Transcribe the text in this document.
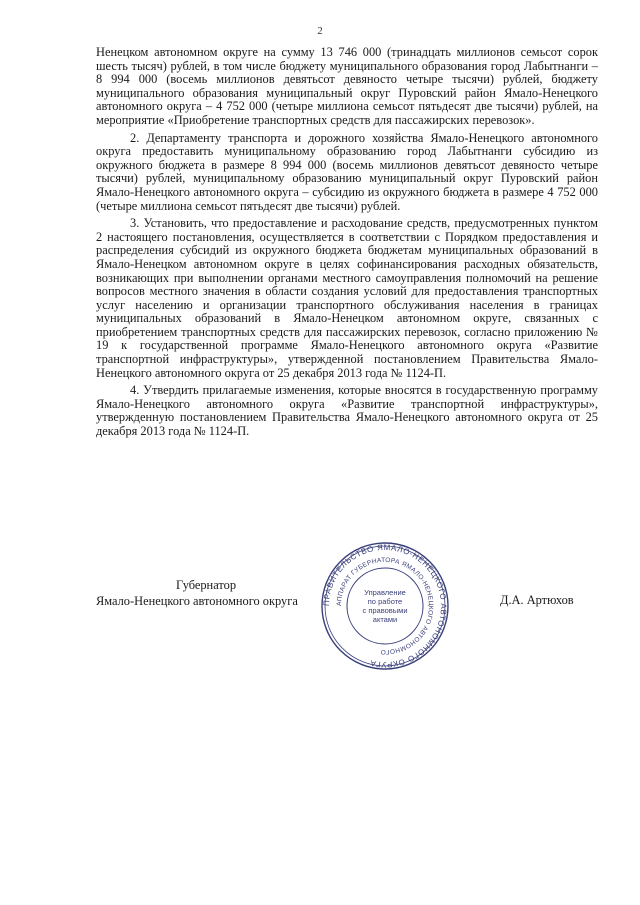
2

Ненецком автономном округе на сумму 13 746 000 (тринадцать миллионов семьсот сорок шесть тысяч) рублей, в том числе бюджету муниципального образования город Лабытнанги – 8 994 000 (восемь миллионов девятьсот девяносто четыре тысячи) рублей, бюджету муниципального образования муниципальный округ Пуровский район Ямало-Ненецкого автономного округа – 4 752 000 (четыре миллиона семьсот пятьдесят две тысячи) рублей, на мероприятие «Приобретение транспортных средств для пассажирских перевозок».

2. Департаменту транспорта и дорожного хозяйства Ямало-Ненецкого автономного округа предоставить муниципальному образованию город Лабытнанги субсидию из окружного бюджета в размере 8 994 000 (восемь миллионов девятьсот девяносто четыре тысячи) рублей, муниципальному образованию муниципальный округ Пуровский район Ямало-Ненецкого автономного округа – субсидию из окружного бюджета в размере 4 752 000 (четыре миллиона семьсот пятьдесят две тысячи) рублей.

3. Установить, что предоставление и расходование средств, предусмотренных пунктом 2 настоящего постановления, осуществляется в соответствии с Порядком предоставления и распределения субсидий из окружного бюджета бюджетам муниципальных образований в Ямало-Ненецком автономном округе в целях софинансирования расходных обязательств, возникающих при выполнении органами местного самоуправления полномочий на решение вопросов местного значения в области создания условий для предоставления транспортных услуг населению и организации транспортного обслуживания населения в границах муниципальных образований в Ямало-Ненецком автономном округе, связанных с приобретением транспортных средств для пассажирских перевозок, согласно приложению № 19 к государственной программе Ямало-Ненецкого автономного округа «Развитие транспортной инфраструктуры», утвержденной постановлением Правительства Ямало-Ненецкого автономного округа от 25 декабря 2013 года № 1124-П.

4. Утвердить прилагаемые изменения, которые вносятся в государственную программу Ямало-Ненецкого автономного округа «Развитие транспортной инфраструктуры», утвержденную постановлением Правительства Ямало-Ненецкого автономного округа от 25 декабря 2013 года № 1124-П.

Губернатор
Ямало-Ненецкого автономного округа	Д.А. Артюхов
ПРАВИТЕЛЬСТВО ЯМАЛО-НЕНЕЦКОГО АВТОНОМНОГО ОКРУГА
АППАРАТ ГУБЕРНАТОРА ЯМАЛО-НЕНЕЦКОГО АВТОНОМНОГО
Управление
по работе
с правовыми
актами
